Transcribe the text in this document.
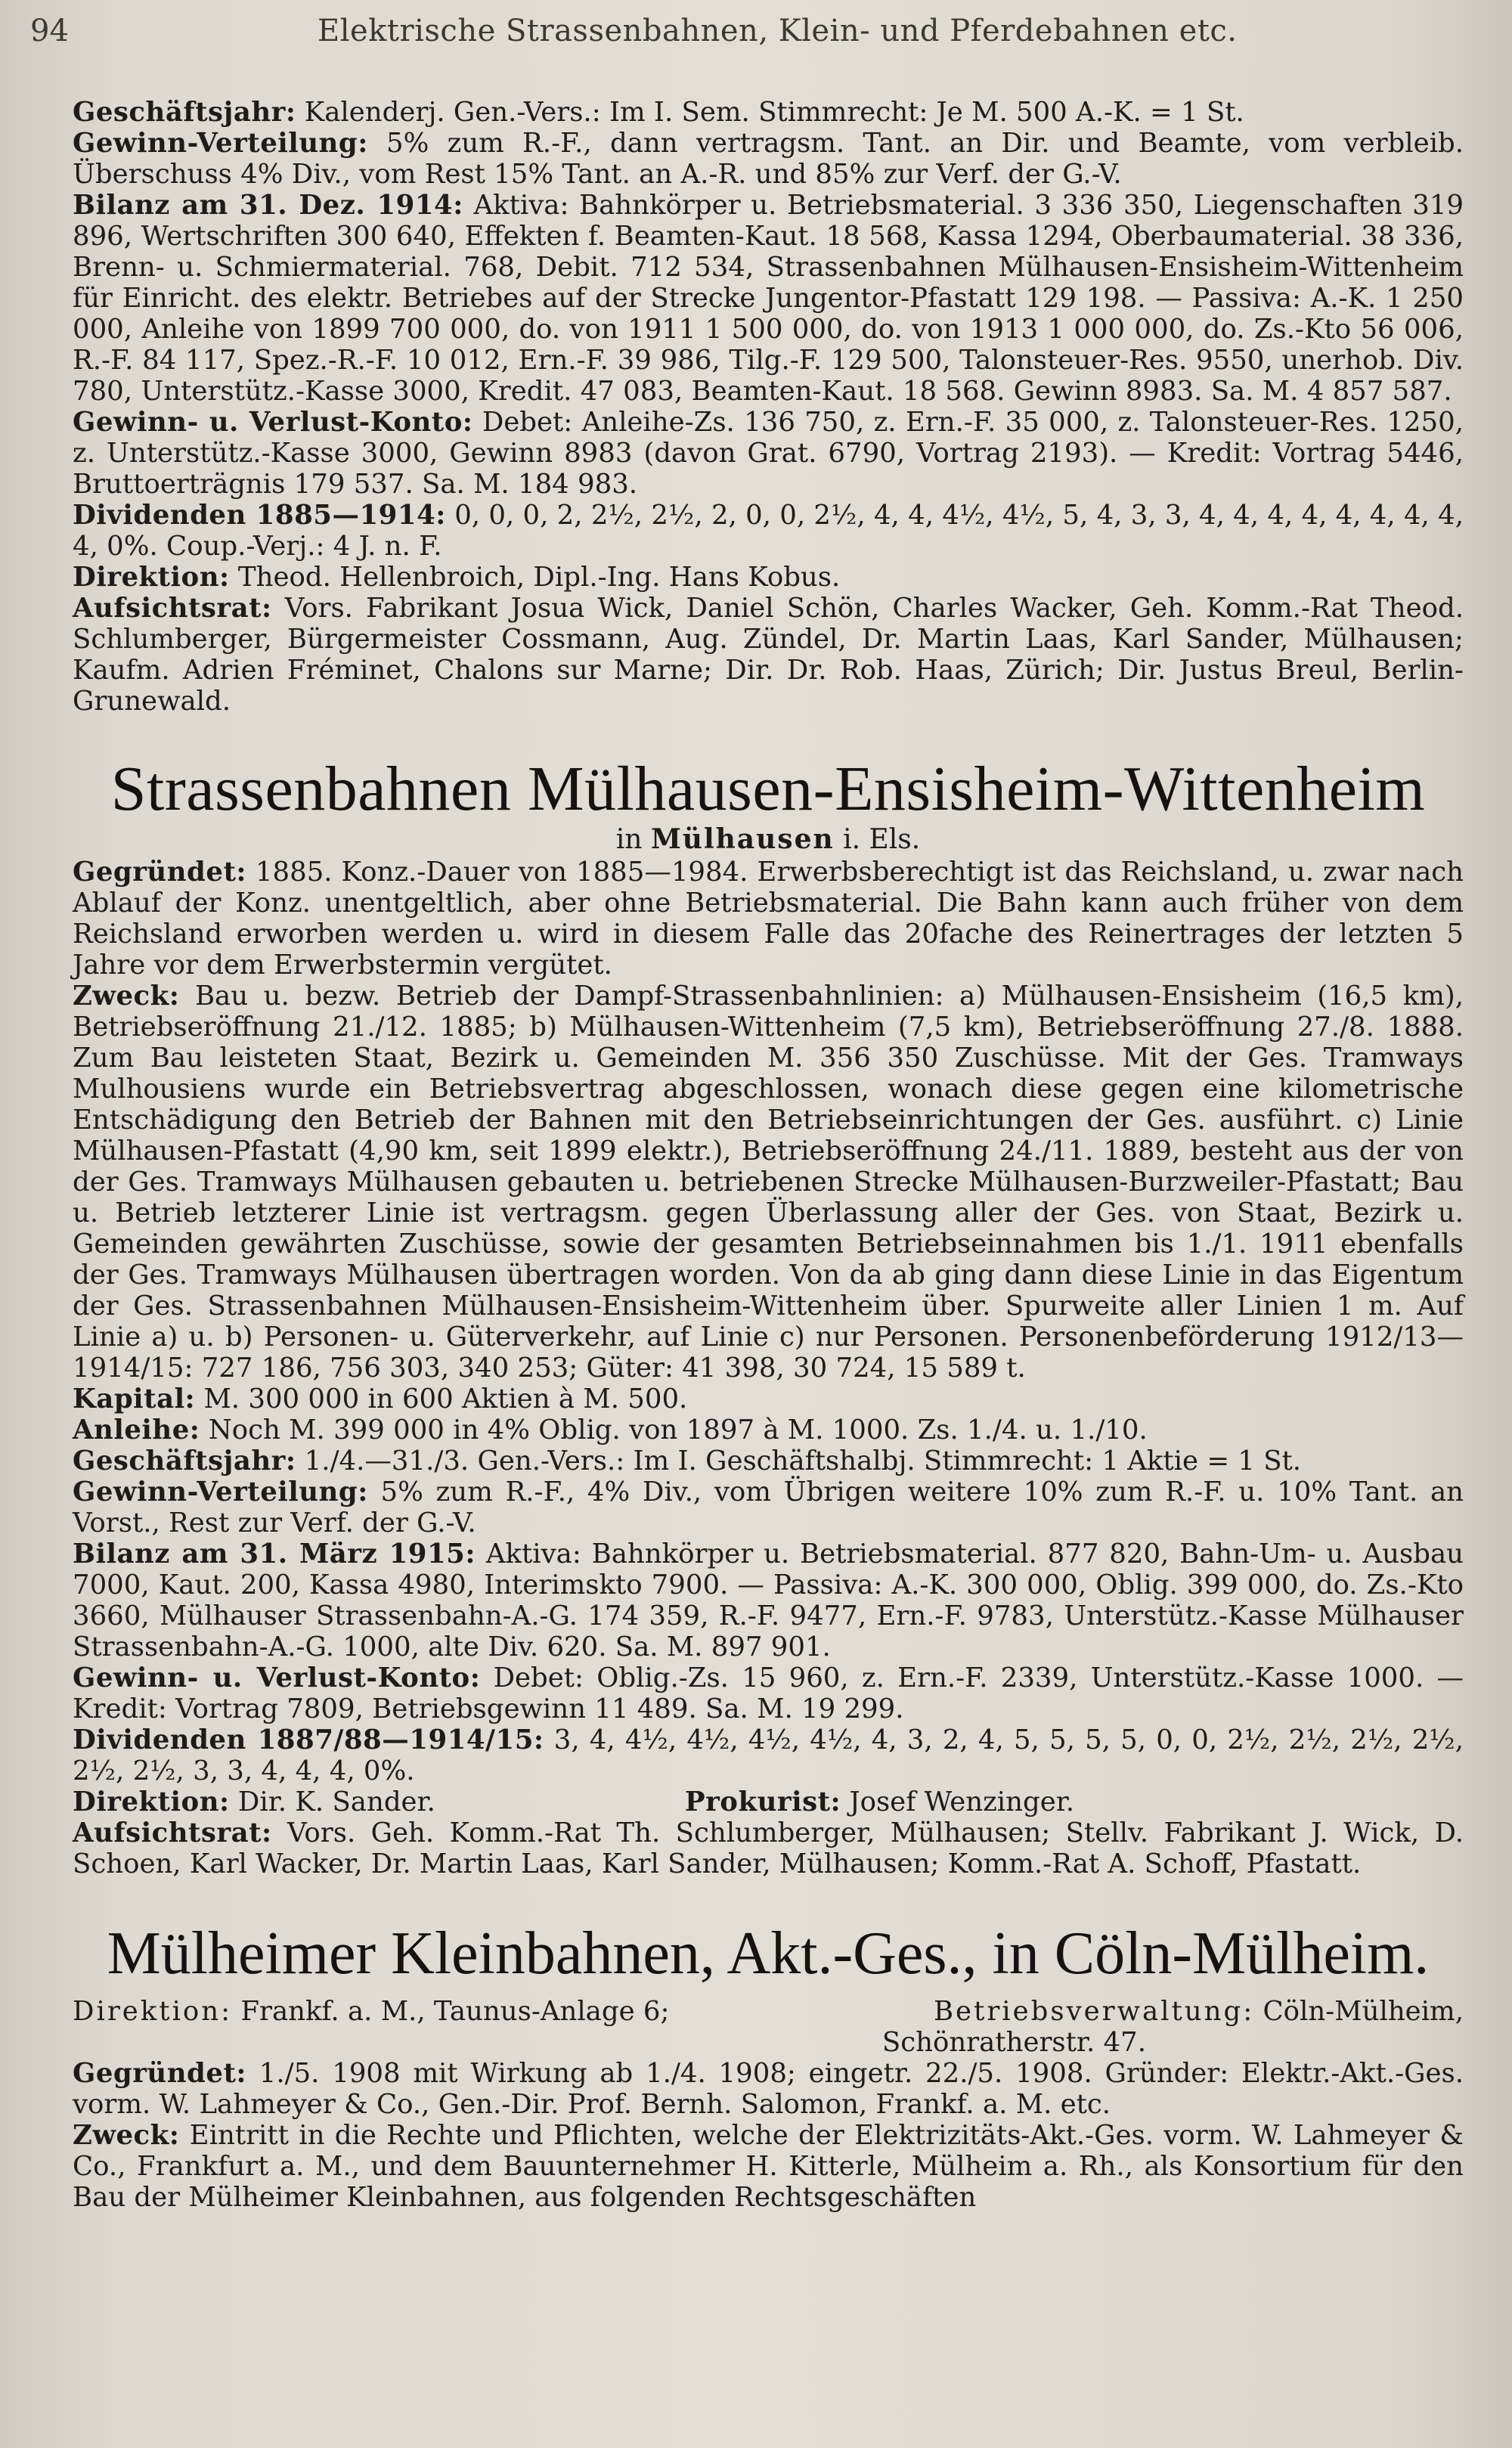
94	Elektrische Strassenbahnen, Klein- und Pferdebahnen etc.

Geschäftsjahr: Kalenderj. Gen.-Vers.: Im I. Sem. Stimmrecht: Je M. 500 A.-K. = 1 St.

Gewinn-Verteilung: 5% zum R.-F., dann vertragsm. Tant. an Dir. und Beamte, vom verbleib. Überschuss 4% Div., vom Rest 15% Tant. an A.-R. und 85% zur Verf. der G.-V.

Bilanz am 31. Dez. 1914: Aktiva: Bahnkörper u. Betriebsmaterial. 3 336 350, Liegenschaften 319 896, Wertschriften 300 640, Effekten f. Beamten-Kaut. 18 568, Kassa 1294, Oberbaumaterial. 38 336, Brenn- u. Schmiermaterial. 768, Debit. 712 534, Strassenbahnen Mülhausen-Ensisheim-Wittenheim für Einricht. des elektr. Betriebes auf der Strecke Jungentor-Pfastatt 129 198. — Passiva: A.-K. 1 250 000, Anleihe von 1899 700 000, do. von 1911 1 500 000, do. von 1913 1 000 000, do. Zs.-Kto 56 006, R.-F. 84 117, Spez.-R.-F. 10 012, Ern.-F. 39 986, Tilg.-F. 129 500, Talonsteuer-Res. 9550, unerhob. Div. 780, Unterstütz.-Kasse 3000, Kredit. 47 083, Beamten-Kaut. 18 568. Gewinn 8983. Sa. M. 4 857 587.

Gewinn- u. Verlust-Konto: Debet: Anleihe-Zs. 136 750, z. Ern.-F. 35 000, z. Talonsteuer-Res. 1250, z. Unterstütz.-Kasse 3000, Gewinn 8983 (davon Grat. 6790, Vortrag 2193). — Kredit: Vortrag 5446, Bruttoerträgnis 179 537. Sa. M. 184 983.

Dividenden 1885—1914: 0, 0, 0, 2, 2½, 2½, 2, 0, 0, 2½, 4, 4, 4½, 4½, 5, 4, 3, 3, 4, 4, 4, 4, 4, 4, 4, 4, 4, 0%. Coup.-Verj.: 4 J. n. F.

Direktion: Theod. Hellenbroich, Dipl.-Ing. Hans Kobus.

Aufsichtsrat: Vors. Fabrikant Josua Wick, Daniel Schön, Charles Wacker, Geh. Komm.-Rat Theod. Schlumberger, Bürgermeister Cossmann, Aug. Zündel, Dr. Martin Laas, Karl Sander, Mülhausen; Kaufm. Adrien Fréminet, Chalons sur Marne; Dir. Dr. Rob. Haas, Zürich; Dir. Justus Breul, Berlin-Grunewald.

Strassenbahnen Mülhausen-Ensisheim-Wittenheim

in Mülhausen i. Els.

Gegründet: 1885. Konz.-Dauer von 1885—1984. Erwerbsberechtigt ist das Reichsland, u. zwar nach Ablauf der Konz. unentgeltlich, aber ohne Betriebsmaterial. Die Bahn kann auch früher von dem Reichsland erworben werden u. wird in diesem Falle das 20fache des Reinertrages der letzten 5 Jahre vor dem Erwerbstermin vergütet.

Zweck: Bau u. bezw. Betrieb der Dampf-Strassenbahnlinien: a) Mülhausen-Ensisheim (16,5 km), Betriebseröffnung 21./12. 1885; b) Mülhausen-Wittenheim (7,5 km), Betriebseröffnung 27./8. 1888. Zum Bau leisteten Staat, Bezirk u. Gemeinden M. 356 350 Zuschüsse. Mit der Ges. Tramways Mulhousiens wurde ein Betriebsvertrag abgeschlossen, wonach diese gegen eine kilometrische Entschädigung den Betrieb der Bahnen mit den Betriebseinrichtungen der Ges. ausführt. c) Linie Mülhausen-Pfastatt (4,90 km, seit 1899 elektr.), Betriebseröffnung 24./11. 1889, besteht aus der von der Ges. Tramways Mülhausen gebauten u. betriebenen Strecke Mülhausen-Burzweiler-Pfastatt; Bau u. Betrieb letzterer Linie ist vertragsm. gegen Überlassung aller der Ges. von Staat, Bezirk u. Gemeinden gewährten Zuschüsse, sowie der gesamten Betriebseinnahmen bis 1./1. 1911 ebenfalls der Ges. Tramways Mülhausen übertragen worden. Von da ab ging dann diese Linie in das Eigentum der Ges. Strassenbahnen Mülhausen-Ensisheim-Wittenheim über. Spurweite aller Linien 1 m. Auf Linie a) u. b) Personen- u. Güterverkehr, auf Linie c) nur Personen. Personenbeförderung 1912/13—1914/15: 727 186, 756 303, 340 253; Güter: 41 398, 30 724, 15 589 t.

Kapital: M. 300 000 in 600 Aktien à M. 500.

Anleihe: Noch M. 399 000 in 4% Oblig. von 1897 à M. 1000. Zs. 1./4. u. 1./10.

Geschäftsjahr: 1./4.—31./3. Gen.-Vers.: Im I. Geschäftshalbj. Stimmrecht: 1 Aktie = 1 St.

Gewinn-Verteilung: 5% zum R.-F., 4% Div., vom Übrigen weitere 10% zum R.-F. u. 10% Tant. an Vorst., Rest zur Verf. der G.-V.

Bilanz am 31. März 1915: Aktiva: Bahnkörper u. Betriebsmaterial. 877 820, Bahn-Um- u. Ausbau 7000, Kaut. 200, Kassa 4980, Interimskto 7900. — Passiva: A.-K. 300 000, Oblig. 399 000, do. Zs.-Kto 3660, Mülhauser Strassenbahn-A.-G. 174 359, R.-F. 9477, Ern.-F. 9783, Unterstütz.-Kasse Mülhauser Strassenbahn-A.-G. 1000, alte Div. 620. Sa. M. 897 901.

Gewinn- u. Verlust-Konto: Debet: Oblig.-Zs. 15 960, z. Ern.-F. 2339, Unterstütz.-Kasse 1000. — Kredit: Vortrag 7809, Betriebsgewinn 11 489. Sa. M. 19 299.

Dividenden 1887/88—1914/15: 3, 4, 4½, 4½, 4½, 4½, 4, 3, 2, 4, 5, 5, 5, 5, 0, 0, 2½, 2½, 2½, 2½, 2½, 2½, 3, 3, 4, 4, 4, 0%.

Direktion: Dir. K. Sander.	Prokurist: Josef Wenzinger.

Aufsichtsrat: Vors. Geh. Komm.-Rat Th. Schlumberger, Mülhausen; Stellv. Fabrikant J. Wick, D. Schoen, Karl Wacker, Dr. Martin Laas, Karl Sander, Mülhausen; Komm.-Rat A. Schoff, Pfastatt.

Mülheimer Kleinbahnen, Akt.-Ges., in Cöln-Mülheim.
Direktion: Frankf. a. M., Taunus-Anlage 6;	Betriebsverwaltung: Cöln-Mülheim,
Schönratherstr. 47.

Gegründet: 1./5. 1908 mit Wirkung ab 1./4. 1908; eingetr. 22./5. 1908. Gründer: Elektr.-Akt.-Ges. vorm. W. Lahmeyer & Co., Gen.-Dir. Prof. Bernh. Salomon, Frankf. a. M. etc.

Zweck: Eintritt in die Rechte und Pflichten, welche der Elektrizitäts-Akt.-Ges. vorm. W. Lahmeyer & Co., Frankfurt a. M., und dem Bauunternehmer H. Kitterle, Mülheim a. Rh., als Konsortium für den Bau der Mülheimer Kleinbahnen, aus folgenden Rechtsgeschäften
